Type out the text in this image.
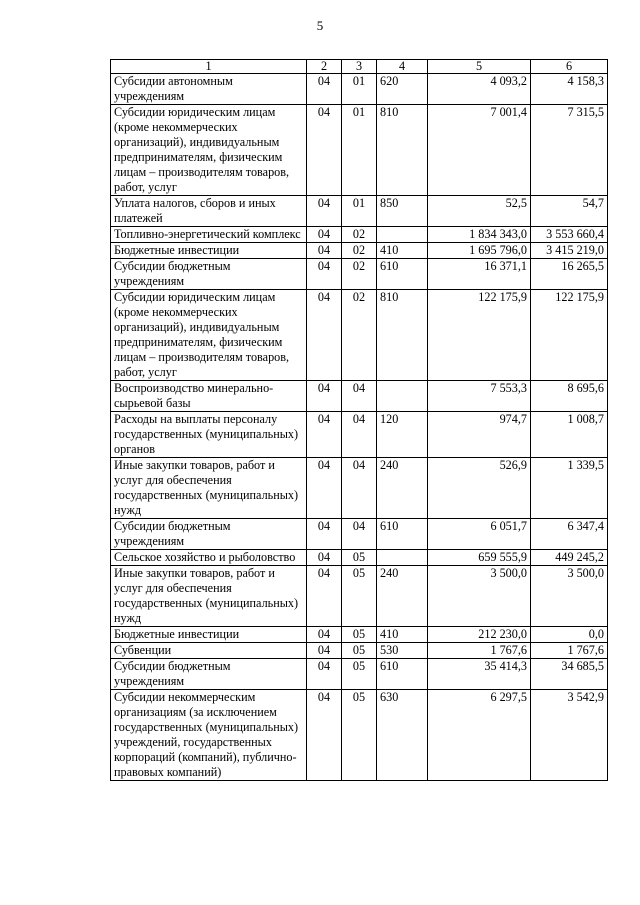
5
1	2	3	4	5	6
Субсидии автономным учреждениям	04	01	620	4 093,2	4 158,3
Субсидии юридическим лицам (кроме некоммерческих организаций), индивидуальным предпринимателям, физическим лицам – производителям товаров, работ, услуг	04	01	810	7 001,4	7 315,5
Уплата налогов, сборов и иных платежей	04	01	850	52,5	54,7
Топливно-энергетический комплекс	04	02		1 834 343,0	3 553 660,4
Бюджетные инвестиции	04	02	410	1 695 796,0	3 415 219,0
Субсидии бюджетным учреждениям	04	02	610	16 371,1	16 265,5
Субсидии юридическим лицам (кроме некоммерческих организаций), индивидуальным предпринимателям, физическим лицам – производителям товаров, работ, услуг	04	02	810	122 175,9	122 175,9
Воспроизводство минерально-сырьевой базы	04	04		7 553,3	8 695,6
Расходы на выплаты персоналу государственных (муниципальных) органов	04	04	120	974,7	1 008,7
Иные закупки товаров, работ и услуг для обеспечения государственных (муниципальных) нужд	04	04	240	526,9	1 339,5
Субсидии бюджетным учреждениям	04	04	610	6 051,7	6 347,4
Сельское хозяйство и рыболовство	04	05		659 555,9	449 245,2
Иные закупки товаров, работ и услуг для обеспечения государственных (муниципальных) нужд	04	05	240	3 500,0	3 500,0
Бюджетные инвестиции	04	05	410	212 230,0	0,0
Субвенции	04	05	530	1 767,6	1 767,6
Субсидии бюджетным учреждениям	04	05	610	35 414,3	34 685,5
Субсидии некоммерческим организациям (за исключением государственных (муниципальных) учреждений, государственных корпораций (компаний), публично-правовых компаний)	04	05	630	6 297,5	3 542,9
